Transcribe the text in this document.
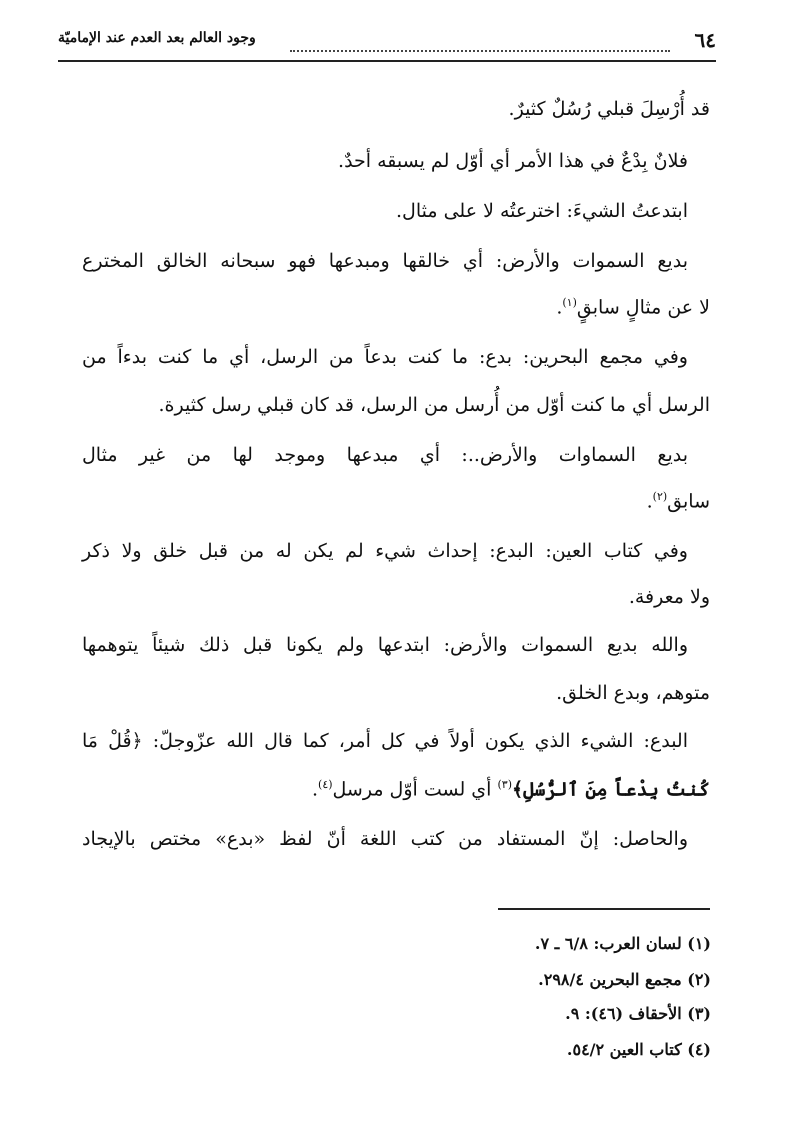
٦٤
وجود العالم بعد العدم عند الإماميّة
قد أُرْسِلَ قبلي رُسُلٌ كثيرٌ.
فلانٌ بِدْعٌ في هذا الأمر أي أوّل لم يسبقه أحدٌ.
ابتدعتُ الشيءَ: اخترعتُه لا على مثال.
بديع السموات والأرض: أي خالقها ومبدعها فهو سبحانه الخالق المخترع
لا عن مثالٍ سابقٍ$^{(١)}$.
وفي مجمع البحرين: بدع: ما كنت بدعاً من الرسل، أي ما كنت بدءاً من
الرسل أي ما كنت أوّل من أُرسل من الرسل، قد كان قبلي رسل كثيرة.
بديع السماوات والأرض..: أي مبدعها وموجد لها من غير مثال
سابق$^{(٢)}$.
وفي كتاب العين: البدع: إحداث شيء لم يكن له من قبل خلق ولا ذكر
ولا معرفة.
والله بديع السموات والأرض: ابتدعها ولم يكونا قبل ذلك شيئاً يتوهمها
متوهم، وبدع الخلق.
البدع: الشيء الذي يكون أولاً في كل أمر، كما قال الله عزّوجلّ: ﴿قُلْ مَا
كُنتُ بِدْعاً مِنَ ٱلرُّسُلِ﴾$^{(٣)}$ أي لست أوّل مرسل$^{(٤)}$.
والحاصل: إنّ المستفاد من كتب اللغة أنّ لفظ «بدع» مختص بالإيجاد
(١) لسان العرب: ٦/٨ ـ ٧.
(٢) مجمع البحرين ٢٩٨/٤.
(٣) الأحقاف (٤٦): ٩.
(٤) كتاب العين ٥٤/٢.
